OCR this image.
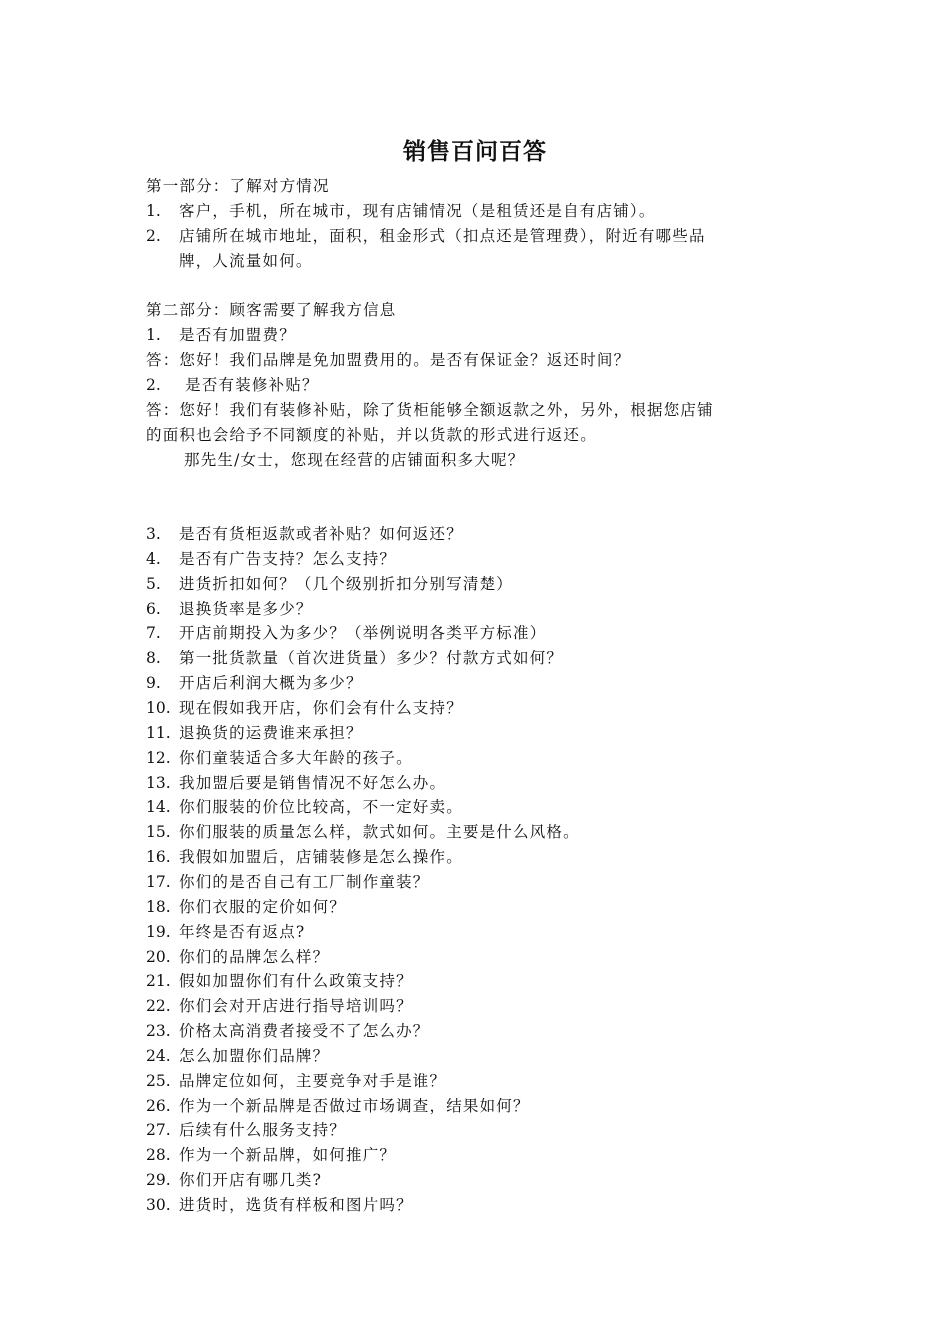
销售百问百答
第一部分：了解对方情况
1. 客户，手机，所在城市，现有店铺情况（是租赁还是自有店铺）。
2. 店铺所在城市地址，面积，租金形式（扣点还是管理费），附近有哪些品
牌，人流量如何。
第二部分：顾客需要了解我方信息
1. 是否有加盟费？
答：您好！我们品牌是免加盟费用的。是否有保证金？返还时间？
2. 是否有装修补贴？
答：您好！我们有装修补贴，除了货柜能够全额返款之外，另外，根据您店铺
的面积也会给予不同额度的补贴，并以货款的形式进行返还。
那先生/女士，您现在经营的店铺面积多大呢？
3. 是否有货柜返款或者补贴？如何返还？
4. 是否有广告支持？怎么支持？
5. 进货折扣如何？（几个级别折扣分别写清楚）
6. 退换货率是多少？
7. 开店前期投入为多少？（举例说明各类平方标准）
8. 第一批货款量（首次进货量）多少？付款方式如何？
9. 开店后利润大概为多少？
10. 现在假如我开店，你们会有什么支持？
11. 退换货的运费谁来承担？
12. 你们童装适合多大年龄的孩子。
13. 我加盟后要是销售情况不好怎么办。
14. 你们服装的价位比较高，不一定好卖。
15. 你们服装的质量怎么样，款式如何。主要是什么风格。
16. 我假如加盟后，店铺装修是怎么操作。
17. 你们的是否自己有工厂制作童装？
18. 你们衣服的定价如何？
19. 年终是否有返点?
20. 你们的品牌怎么样？
21. 假如加盟你们有什么政策支持？
22. 你们会对开店进行指导培训吗？
23. 价格太高消费者接受不了怎么办？
24. 怎么加盟你们品牌？
25. 品牌定位如何，主要竞争对手是谁？
26. 作为一个新品牌是否做过市场调查，结果如何？
27. 后续有什么服务支持？
28. 作为一个新品牌，如何推广？
29. 你们开店有哪几类?
30. 进货时，选货有样板和图片吗？
